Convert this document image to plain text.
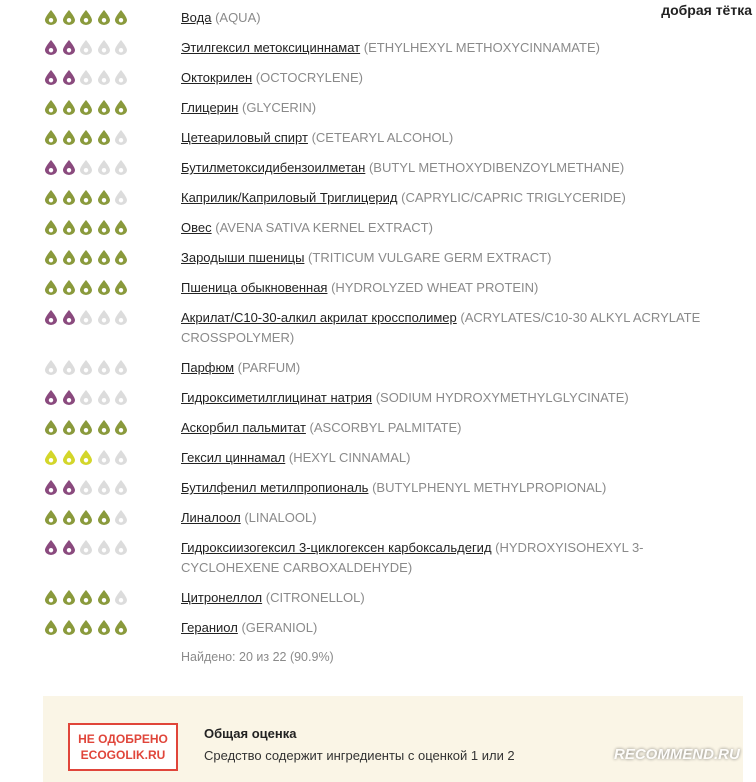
добрая тётка
Вода (AQUA)
Этилгексил метоксициннамат (ETHYLHEXYL METHOXYCINNAMATE)
Октокрилен (OCTOCRYLENE)
Глицерин (GLYCERIN)
Цетеариловый спирт (CETEARYL ALCOHOL)
Бутилметоксидибензоилметан (BUTYL METHOXYDIBENZOYLMETHANE)
Каприлик/Каприловый Триглицерид (CAPRYLIC/CAPRIC TRIGLYCERIDE)
Овес (AVENA SATIVA KERNEL EXTRACT)
Зародыши пшеницы (TRITICUM VULGARE GERM EXTRACT)
Пшеница обыкновенная (HYDROLYZED WHEAT PROTEIN)
Акрилат/С10-30-алкил акрилат кроссполимер (ACRYLATES/C10-30 ALKYL ACRYLATE CROSSPOLYMER)
Парфюм (PARFUM)
Гидроксиметилглицинат натрия (SODIUM HYDROXYMETHYLGLYCINATE)
Аскорбил пальмитат (ASCORBYL PALMITATE)
Гексил циннамал (HEXYL CINNAMAL)
Бутилфенил метилпропиональ (BUTYLPHENYL METHYLPROPIONAL)
Линалоол (LINALOOL)
Гидроксиизогексил 3-циклогексен карбоксальдегид (HYDROXYISOHEXYL 3-CYCLOHEXENE CARBOXALDEHYDE)
Цитронеллол (CITRONELLOL)
Гераниол (GERANIOL)
Найдено: 20 из 22 (90.9%)
НЕ ОДОБРЕНО
ECOGOLIK.RU
Общая оценка
Средство содержит ингредиенты с оценкой 1 или 2	RECOMMEND.RU
